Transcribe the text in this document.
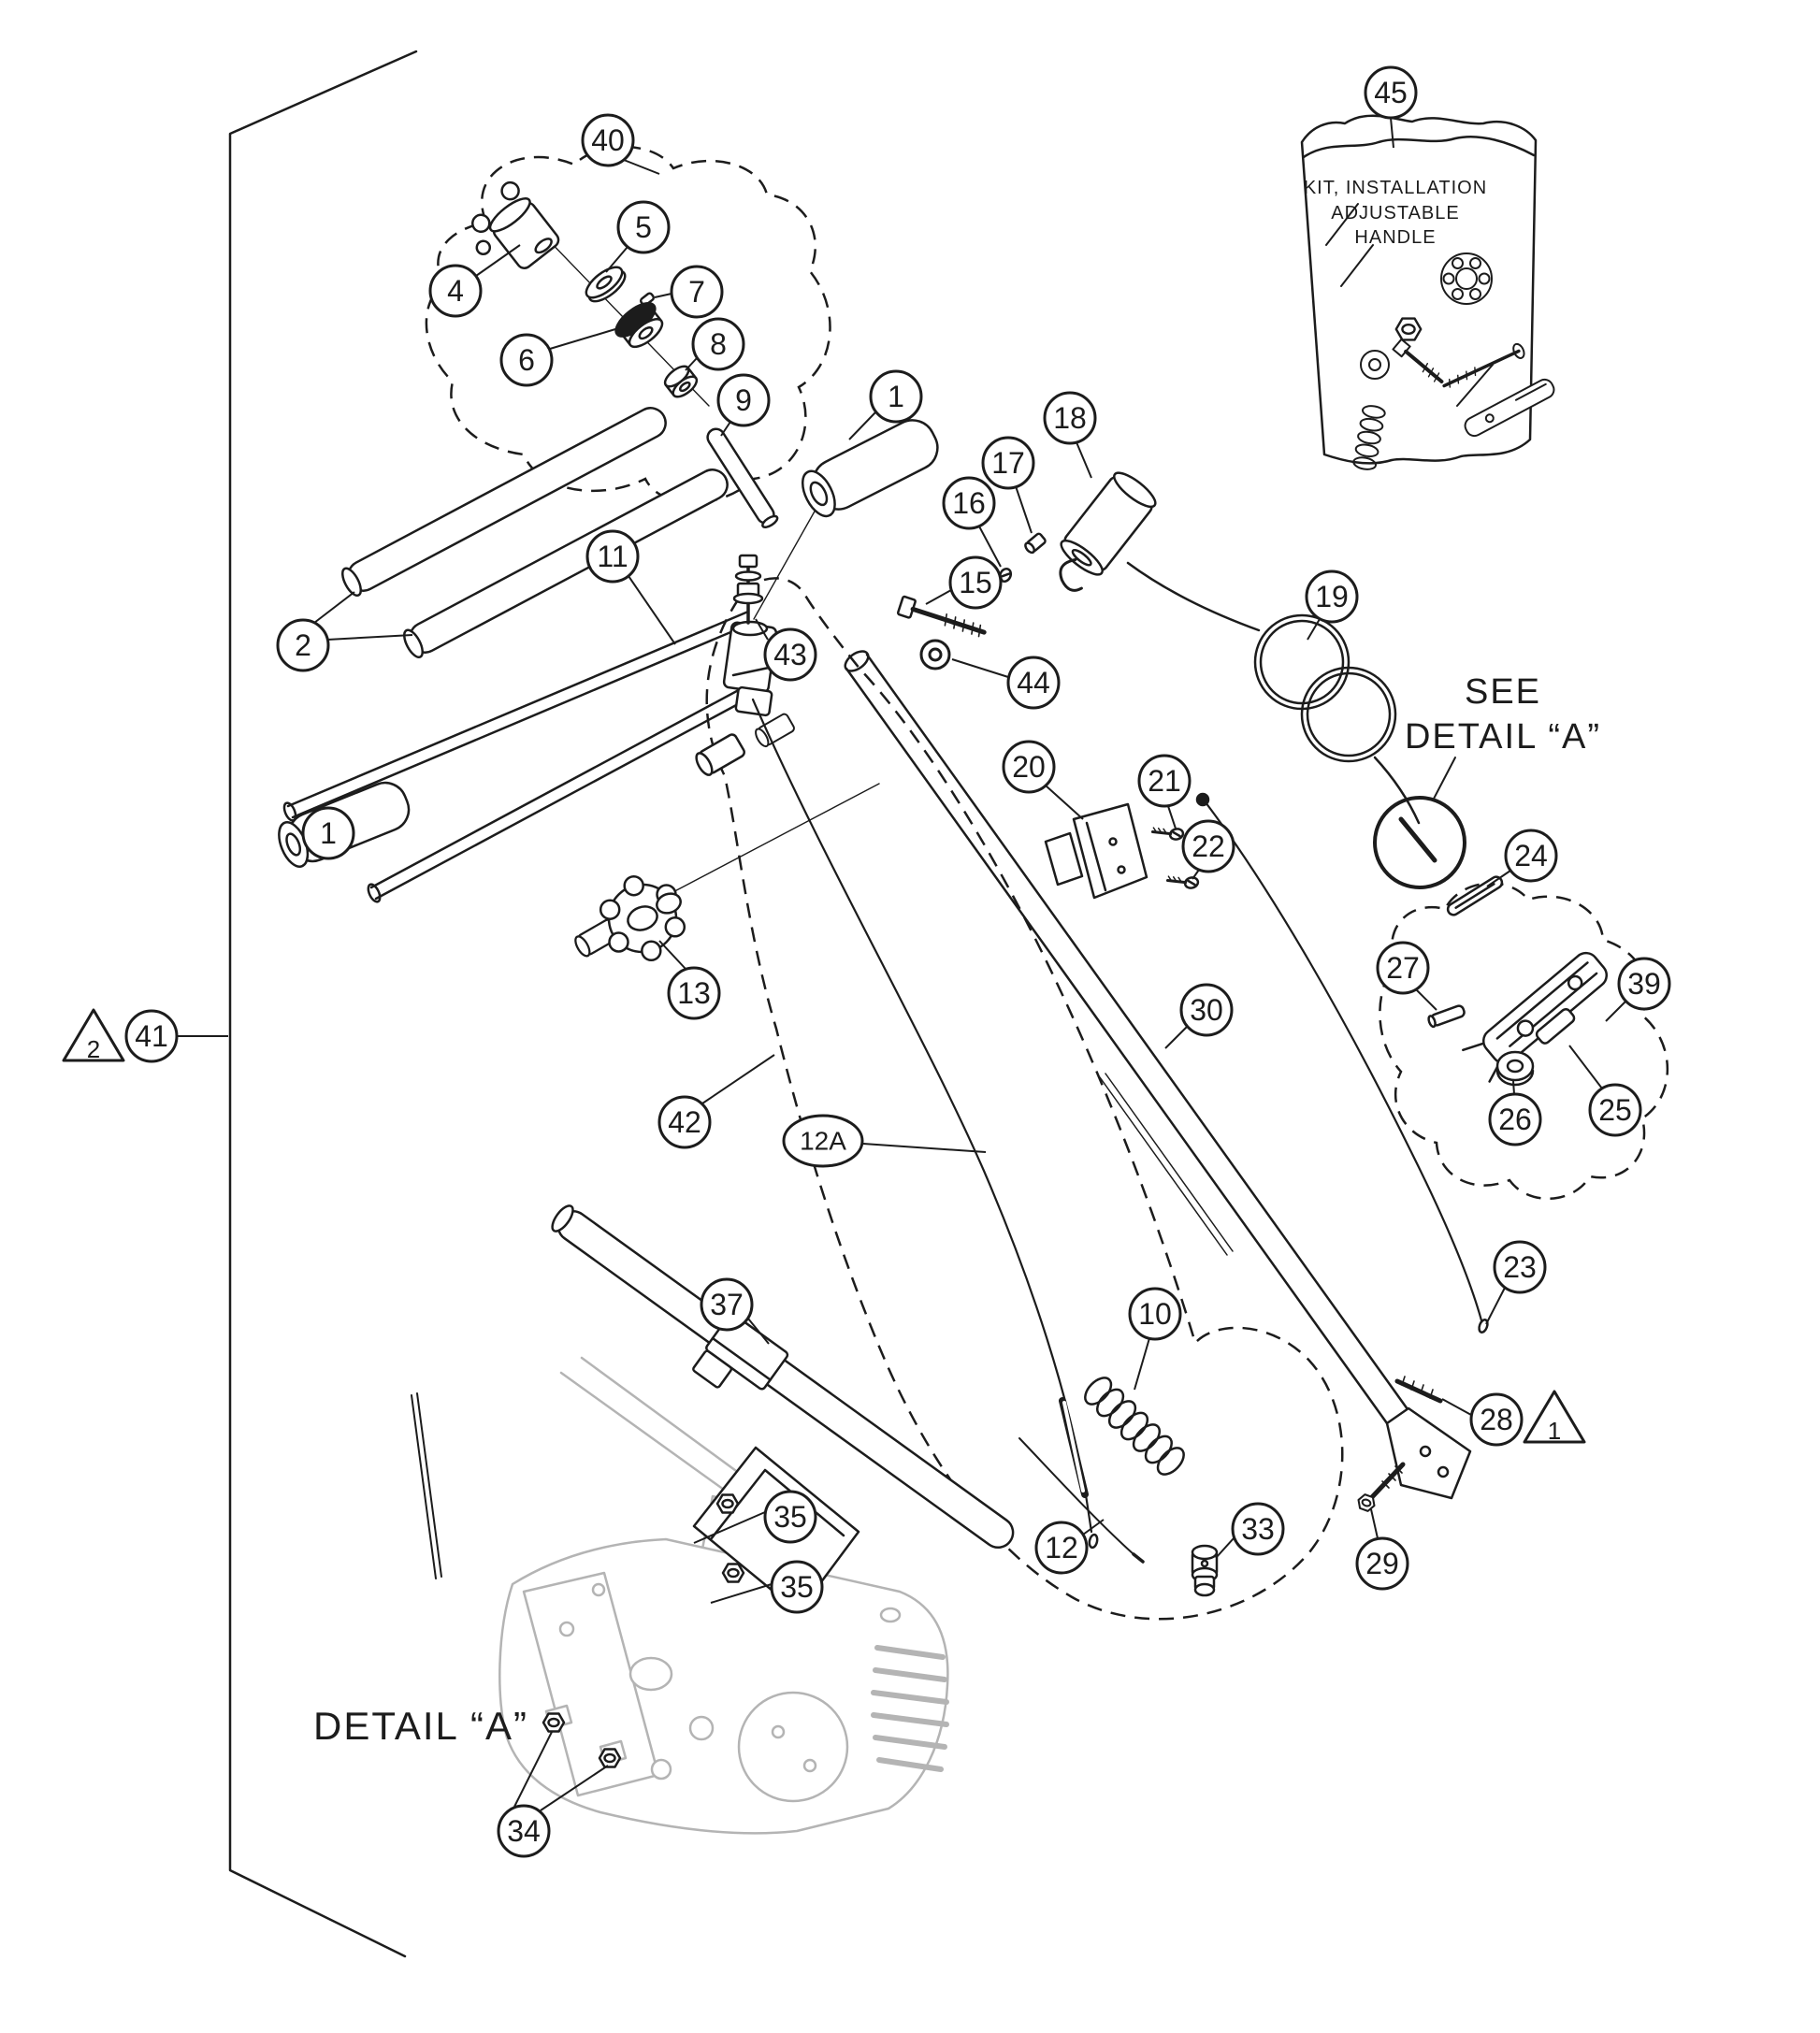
40
4
5
7
6	8
9	1
2
1
11
43
16
17
18
15
44
19
20	21
22	24
27	39
26 25
41
30
13
42
12A
23
37	10
12
33
29
28
35
35
34
45
2
1
SEE
DETAIL “A”
DETAIL “A”
KIT, INSTALLATION
ADJUSTABLE
HANDLE
